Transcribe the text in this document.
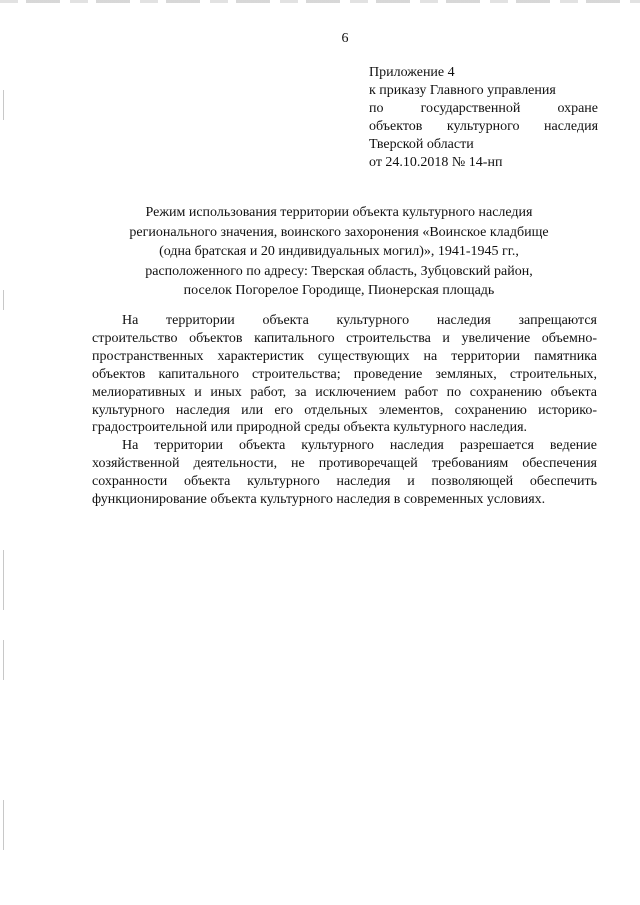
6
Приложение 4
к приказу Главного управления
по	государственной	охране
объектов культурного наследия
Тверской области
от 24.10.2018 № 14-нп
Режим использования территории объекта культурного наследия
регионального значения, воинского захоронения «Воинское кладбище
(одна братская и 20 индивидуальных могил)», 1941-1945 гг.,
расположенного по адресу: Тверская область, Зубцовский район,
поселок Погорелое Городище, Пионерская площадь
На территории объекта культурного наследия запрещаются
строительство объектов капитального строительства и увеличение объемно-
пространственных характеристик существующих на территории памятника
объектов капитального строительства; проведение земляных, строительных,
мелиоративных и иных работ, за исключением работ по сохранению объекта
культурного наследия или его отдельных элементов, сохранению историко-
градостроительной или природной среды объекта культурного наследия.
На территории объекта культурного наследия разрешается ведение
хозяйственной деятельности, не противоречащей требованиям обеспечения
сохранности объекта культурного наследия и позволяющей обеспечить
функционирование объекта культурного наследия в современных условиях.
